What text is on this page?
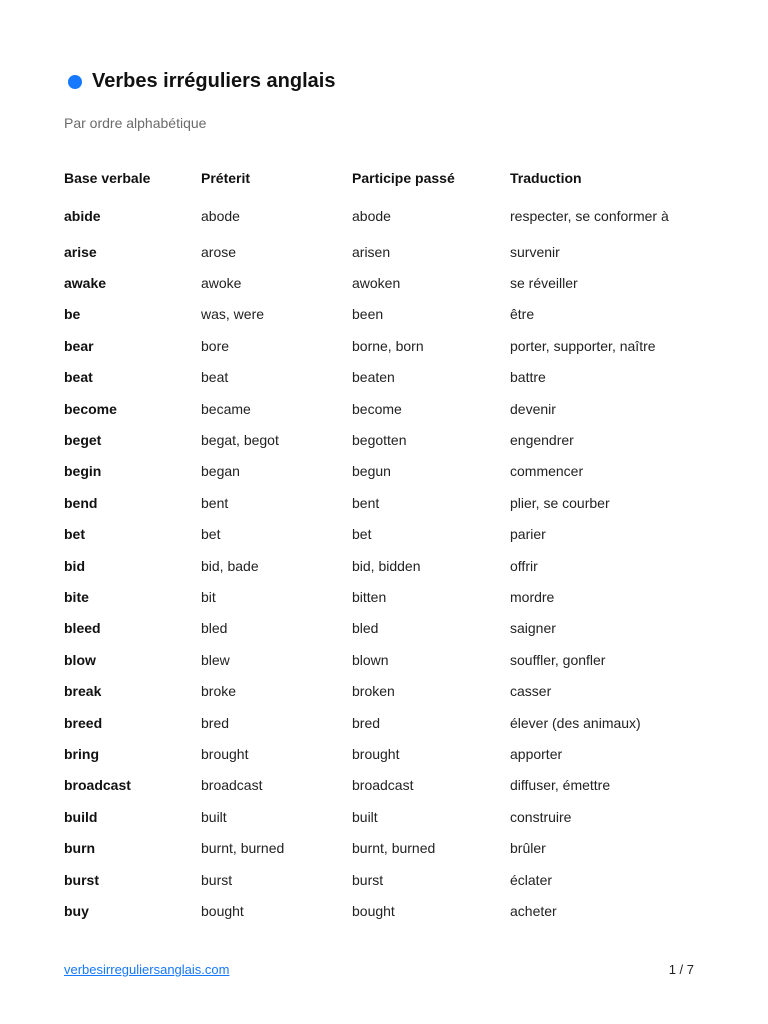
Verbes irréguliers anglais
Par ordre alphabétique
Base verbale	Préterit	Participe passé	Traduction
abide	abode	abode	respecter, se conformer à
arise	arose	arisen	survenir
awake	awoke	awoken	se réveiller
be	was, were	been	être
bear	bore	borne, born	porter, supporter, naître
beat	beat	beaten	battre
become	became	become	devenir
beget	begat, begot	begotten	engendrer
begin	began	begun	commencer
bend	bent	bent	plier, se courber
bet	bet	bet	parier
bid	bid, bade	bid, bidden	offrir
bite	bit	bitten	mordre
bleed	bled	bled	saigner
blow	blew	blown	souffler, gonfler
break	broke	broken	casser
breed	bred	bred	élever (des animaux)
bring	brought	brought	apporter
broadcast	broadcast	broadcast	diffuser, émettre
build	built	built	construire
burn	burnt, burned	burnt, burned	brûler
burst	burst	burst	éclater
buy	bought	bought	acheter
verbesirreguliersanglais.com	1 / 7
